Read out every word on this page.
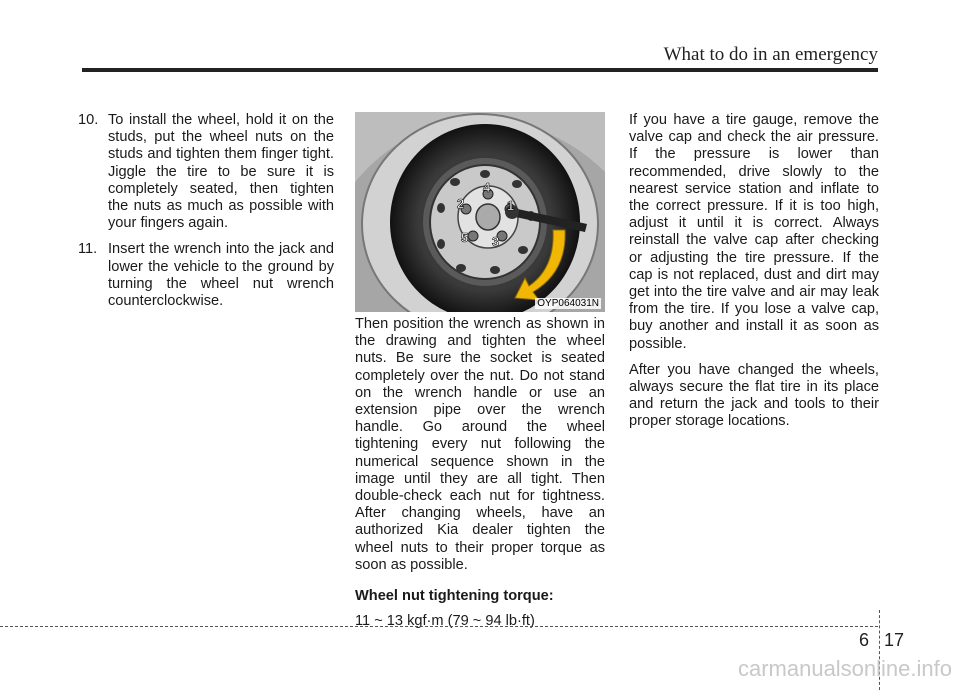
What to do in an emergency
10. To install the wheel, hold it on the studs, put the wheel nuts on the studs and tighten them finger tight. Jiggle the tire to be sure it is completely seated, then tighten the nuts as much as possible with your fingers again.
11. Insert the wrench into the jack and lower the vehicle to the ground by turning the wheel nut wrench counterclockwise.
4
1
2
3
5
OYP064031N

Then position the wrench as shown in the drawing and tighten the wheel nuts. Be sure the socket is seated completely over the nut. Do not stand on the wrench handle or use an extension pipe over the wrench handle. Go around the wheel tightening every nut following the numerical sequence shown in the image until they are all tight. Then double-check each nut for tightness. After changing wheels, have an authorized Kia dealer tighten the wheel nuts to their proper torque as soon as possible.

Wheel nut tightening torque:
11 ~ 13 kgf·m (79 ~ 94 lb·ft)

If you have a tire gauge, remove the valve cap and check the air pressure. If the pressure is lower than recommended, drive slowly to the nearest service station and inflate to the correct pressure. If it is too high, adjust it until it is correct. Always reinstall the valve cap after checking or adjusting the tire pressure. If the cap is not replaced, dust and dirt may get into the tire valve and air may leak from the tire. If you lose a valve cap, buy another and install it as soon as possible.

After you have changed the wheels, always secure the flat tire in its place and return the jack and tools to their proper storage locations.

6 17
carmanualsonline.info
